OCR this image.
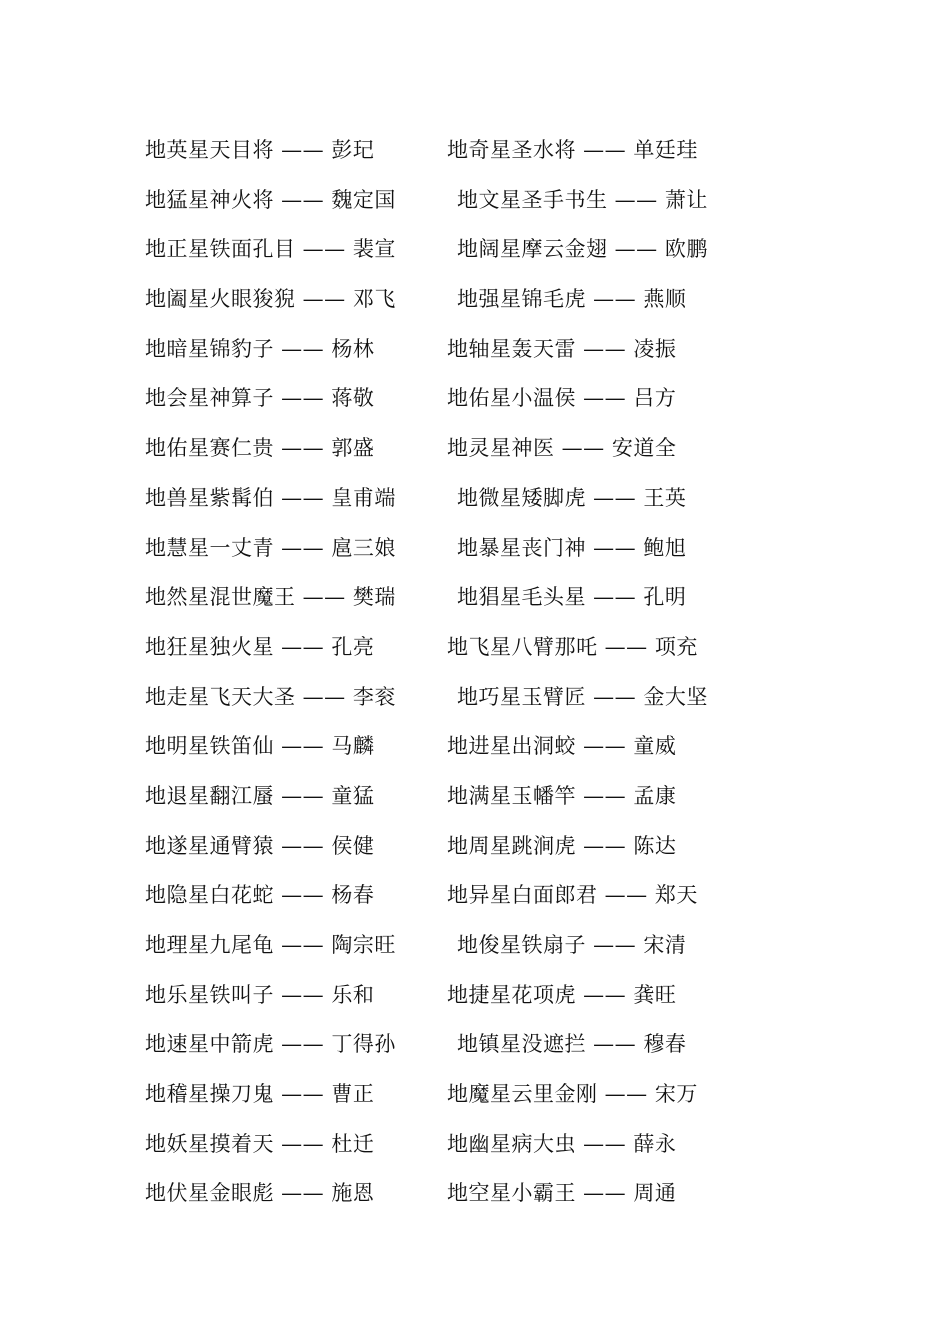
地英星天目将 —— 彭玘	地奇星圣水将 —— 单廷珪
地猛星神火将 —— 魏定国	地文星圣手书生 —— 萧让
地正星铁面孔目 —— 裴宣	地阔星摩云金翅 —— 欧鹏
地阖星火眼狻猊 —— 邓飞	地强星锦毛虎 —— 燕顺
地暗星锦豹子 —— 杨林	地轴星轰天雷 —— 凌振
地会星神算子 —— 蒋敬	地佑星小温侯 —— 吕方
地佑星赛仁贵 —— 郭盛	地灵星神医 —— 安道全
地兽星紫髯伯 —— 皇甫端	地微星矮脚虎 —— 王英
地慧星一丈青 —— 扈三娘	地暴星丧门神 —— 鲍旭
地然星混世魔王 —— 樊瑞	地猖星毛头星 —— 孔明
地狂星独火星 —— 孔亮	地飞星八臂那吒 —— 项充
地走星飞天大圣 —— 李衮	地巧星玉臂匠 —— 金大坚
地明星铁笛仙 —— 马麟	地进星出洞蛟 —— 童威
地退星翻江蜃 —— 童猛	地满星玉幡竿 —— 孟康
地遂星通臂猿 —— 侯健	地周星跳涧虎 —— 陈达
地隐星白花蛇 —— 杨春	地异星白面郎君 —— 郑天
地理星九尾龟 —— 陶宗旺	地俊星铁扇子 —— 宋清
地乐星铁叫子 —— 乐和	地捷星花项虎 —— 龚旺
地速星中箭虎 —— 丁得孙	地镇星没遮拦 —— 穆春
地稽星操刀鬼 —— 曹正	地魔星云里金刚 —— 宋万
地妖星摸着天 —— 杜迁	地幽星病大虫 —— 薛永
地伏星金眼彪 —— 施恩	地空星小霸王 —— 周通
